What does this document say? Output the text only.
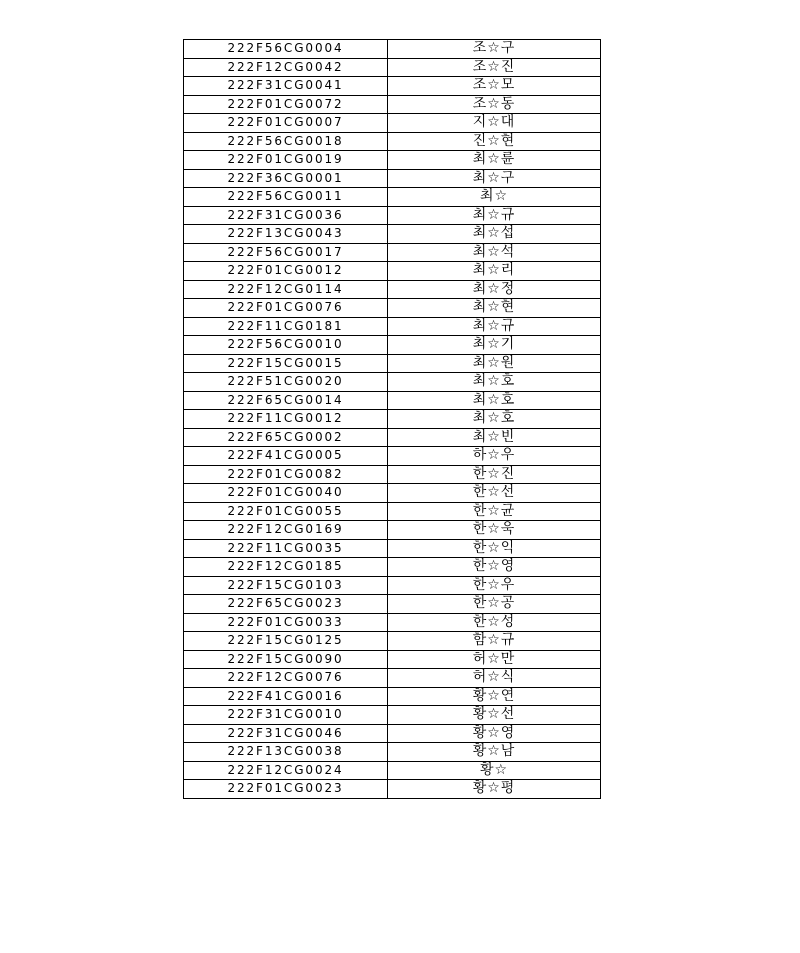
222F56CG0004	조☆구
222F12CG0042	조☆진
222F31CG0041	조☆모
222F01CG0072	조☆동
222F01CG0007	지☆대
222F56CG0018	진☆현
222F01CG0019	최☆륜
222F36CG0001	최☆구
222F56CG0011	최☆
222F31CG0036	최☆규
222F13CG0043	최☆섭
222F56CG0017	최☆석
222F01CG0012	최☆리
222F12CG0114	최☆정
222F01CG0076	최☆현
222F11CG0181	최☆규
222F56CG0010	최☆기
222F15CG0015	최☆원
222F51CG0020	최☆호
222F65CG0014	최☆호
222F11CG0012	최☆호
222F65CG0002	최☆빈
222F41CG0005	하☆우
222F01CG0082	한☆진
222F01CG0040	한☆선
222F01CG0055	한☆균
222F12CG0169	한☆욱
222F11CG0035	한☆익
222F12CG0185	한☆영
222F15CG0103	한☆우
222F65CG0023	한☆공
222F01CG0033	한☆성
222F15CG0125	함☆규
222F15CG0090	허☆만
222F12CG0076	허☆식
222F41CG0016	황☆연
222F31CG0010	황☆선
222F31CG0046	황☆영
222F13CG0038	황☆남
222F12CG0024	황☆
222F01CG0023	황☆평
